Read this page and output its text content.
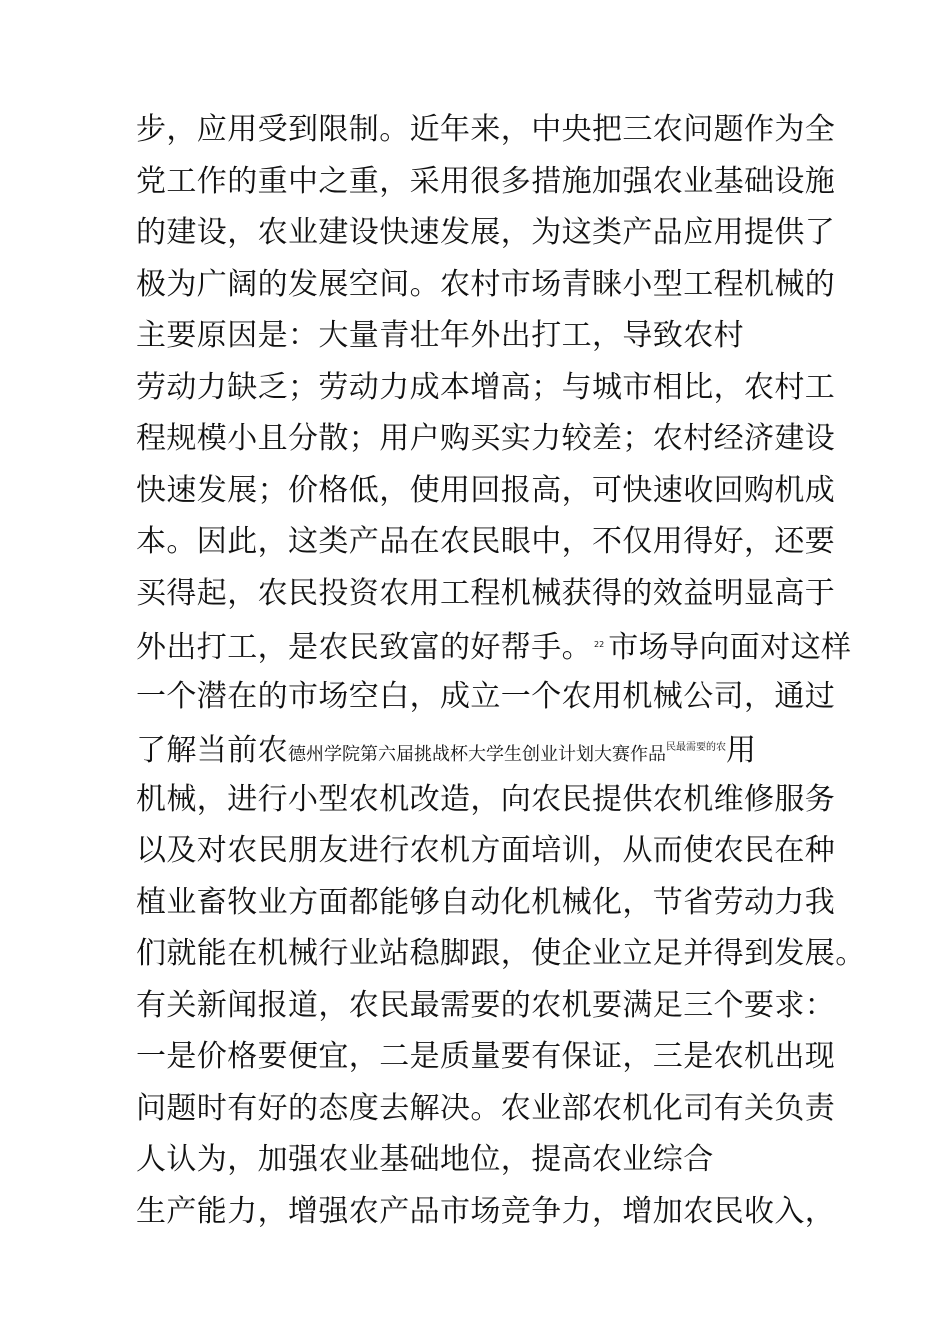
步，应用受到限制。近年来，中央把三农问题作为全
党工作的重中之重，采用很多措施加强农业基础设施
的建设，农业建设快速发展，为这类产品应用提供了
极为广阔的发展空间。农村市场青睐小型工程机械的
主要原因是：大量青壮年外出打工，导致农村
劳动力缺乏；劳动力成本增高；与城市相比，农村工
程规模小且分散；用户购买实力较差；农村经济建设
快速发展；价格低，使用回报高，可快速收回购机成
本。因此，这类产品在农民眼中，不仅用得好，还要
买得起，农民投资农用工程机械获得的效益明显高于
外出打工，是农民致富的好帮手。 $^{22}$ 市场导向面对这样
一个潜在的市场空白，成立一个农用机械公司，通过
了解当前农德州学院第六届挑战杯大学生创业计划大赛作品$^{民最需要的农}$用
机械，进行小型农机改造，向农民提供农机维修服务
以及对农民朋友进行农机方面培训，从而使农民在种
植业畜牧业方面都能够自动化机械化，节省劳动力我
们就能在机械行业站稳脚跟，使企业立足并得到发展。
有关新闻报道，农民最需要的农机要满足三个要求：
一是价格要便宜，二是质量要有保证，三是农机出现
问题时有好的态度去解决。农业部农机化司有关负责
人认为，加强农业基础地位，提高农业综合
生产能力，增强农产品市场竞争力，增加农民收入，
